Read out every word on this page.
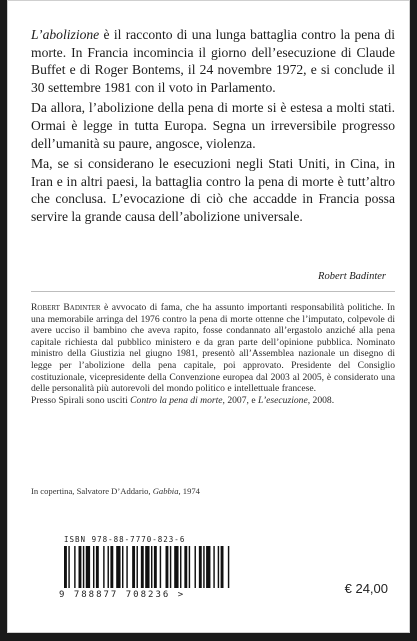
L’abolizione è il racconto di una lunga battaglia contro la pena di morte. In Francia incomincia il giorno dell’esecuzione di Claude Buffet e di Roger Bontems, il 24 novembre 1972, e si conclude il 30 settembre 1981 con il voto in Parlamento.

Da allora, l’abolizione della pena di morte si è estesa a molti stati. Ormai è legge in tutta Europa. Segna un irreversibile progresso dell’umanità su paure, angosce, violenza.

Ma, se si considerano le esecuzioni negli Stati Uniti, in Cina, in Iran e in altri paesi, la battaglia contro la pena di morte è tutt’altro che conclusa. L’evocazione di ciò che accadde in Francia possa servire la grande causa dell’abolizione universale.

Robert Badinter

Robert Badinter è avvocato di fama, che ha assunto importanti responsabilità politiche. In una memorabile arringa del 1976 contro la pena di morte ottenne che l’imputato, colpevole di avere ucciso il bambino che aveva rapito, fosse condannato all’ergastolo anziché alla pena capitale richiesta dal pubblico ministero e da gran parte dell’opinione pubblica. Nominato ministro della Giustizia nel giugno 1981, presentò all’Assemblea nazionale un disegno di legge per l’abolizione della pena capitale, poi approvato. Presidente del Consiglio costituzionale, vicepresidente della Convenzione europea dal 2003 al 2005, è considerato una delle personalità più autorevoli del mondo politico e intellettuale francese.

Presso Spirali sono usciti Contro la pena di morte, 2007, e L’esecuzione, 2008.

In copertina, Salvatore D’Addario, Gabbia, 1974
ISBN 978-88-7770-823-6
9 788877 708236 >	€ 24,00
